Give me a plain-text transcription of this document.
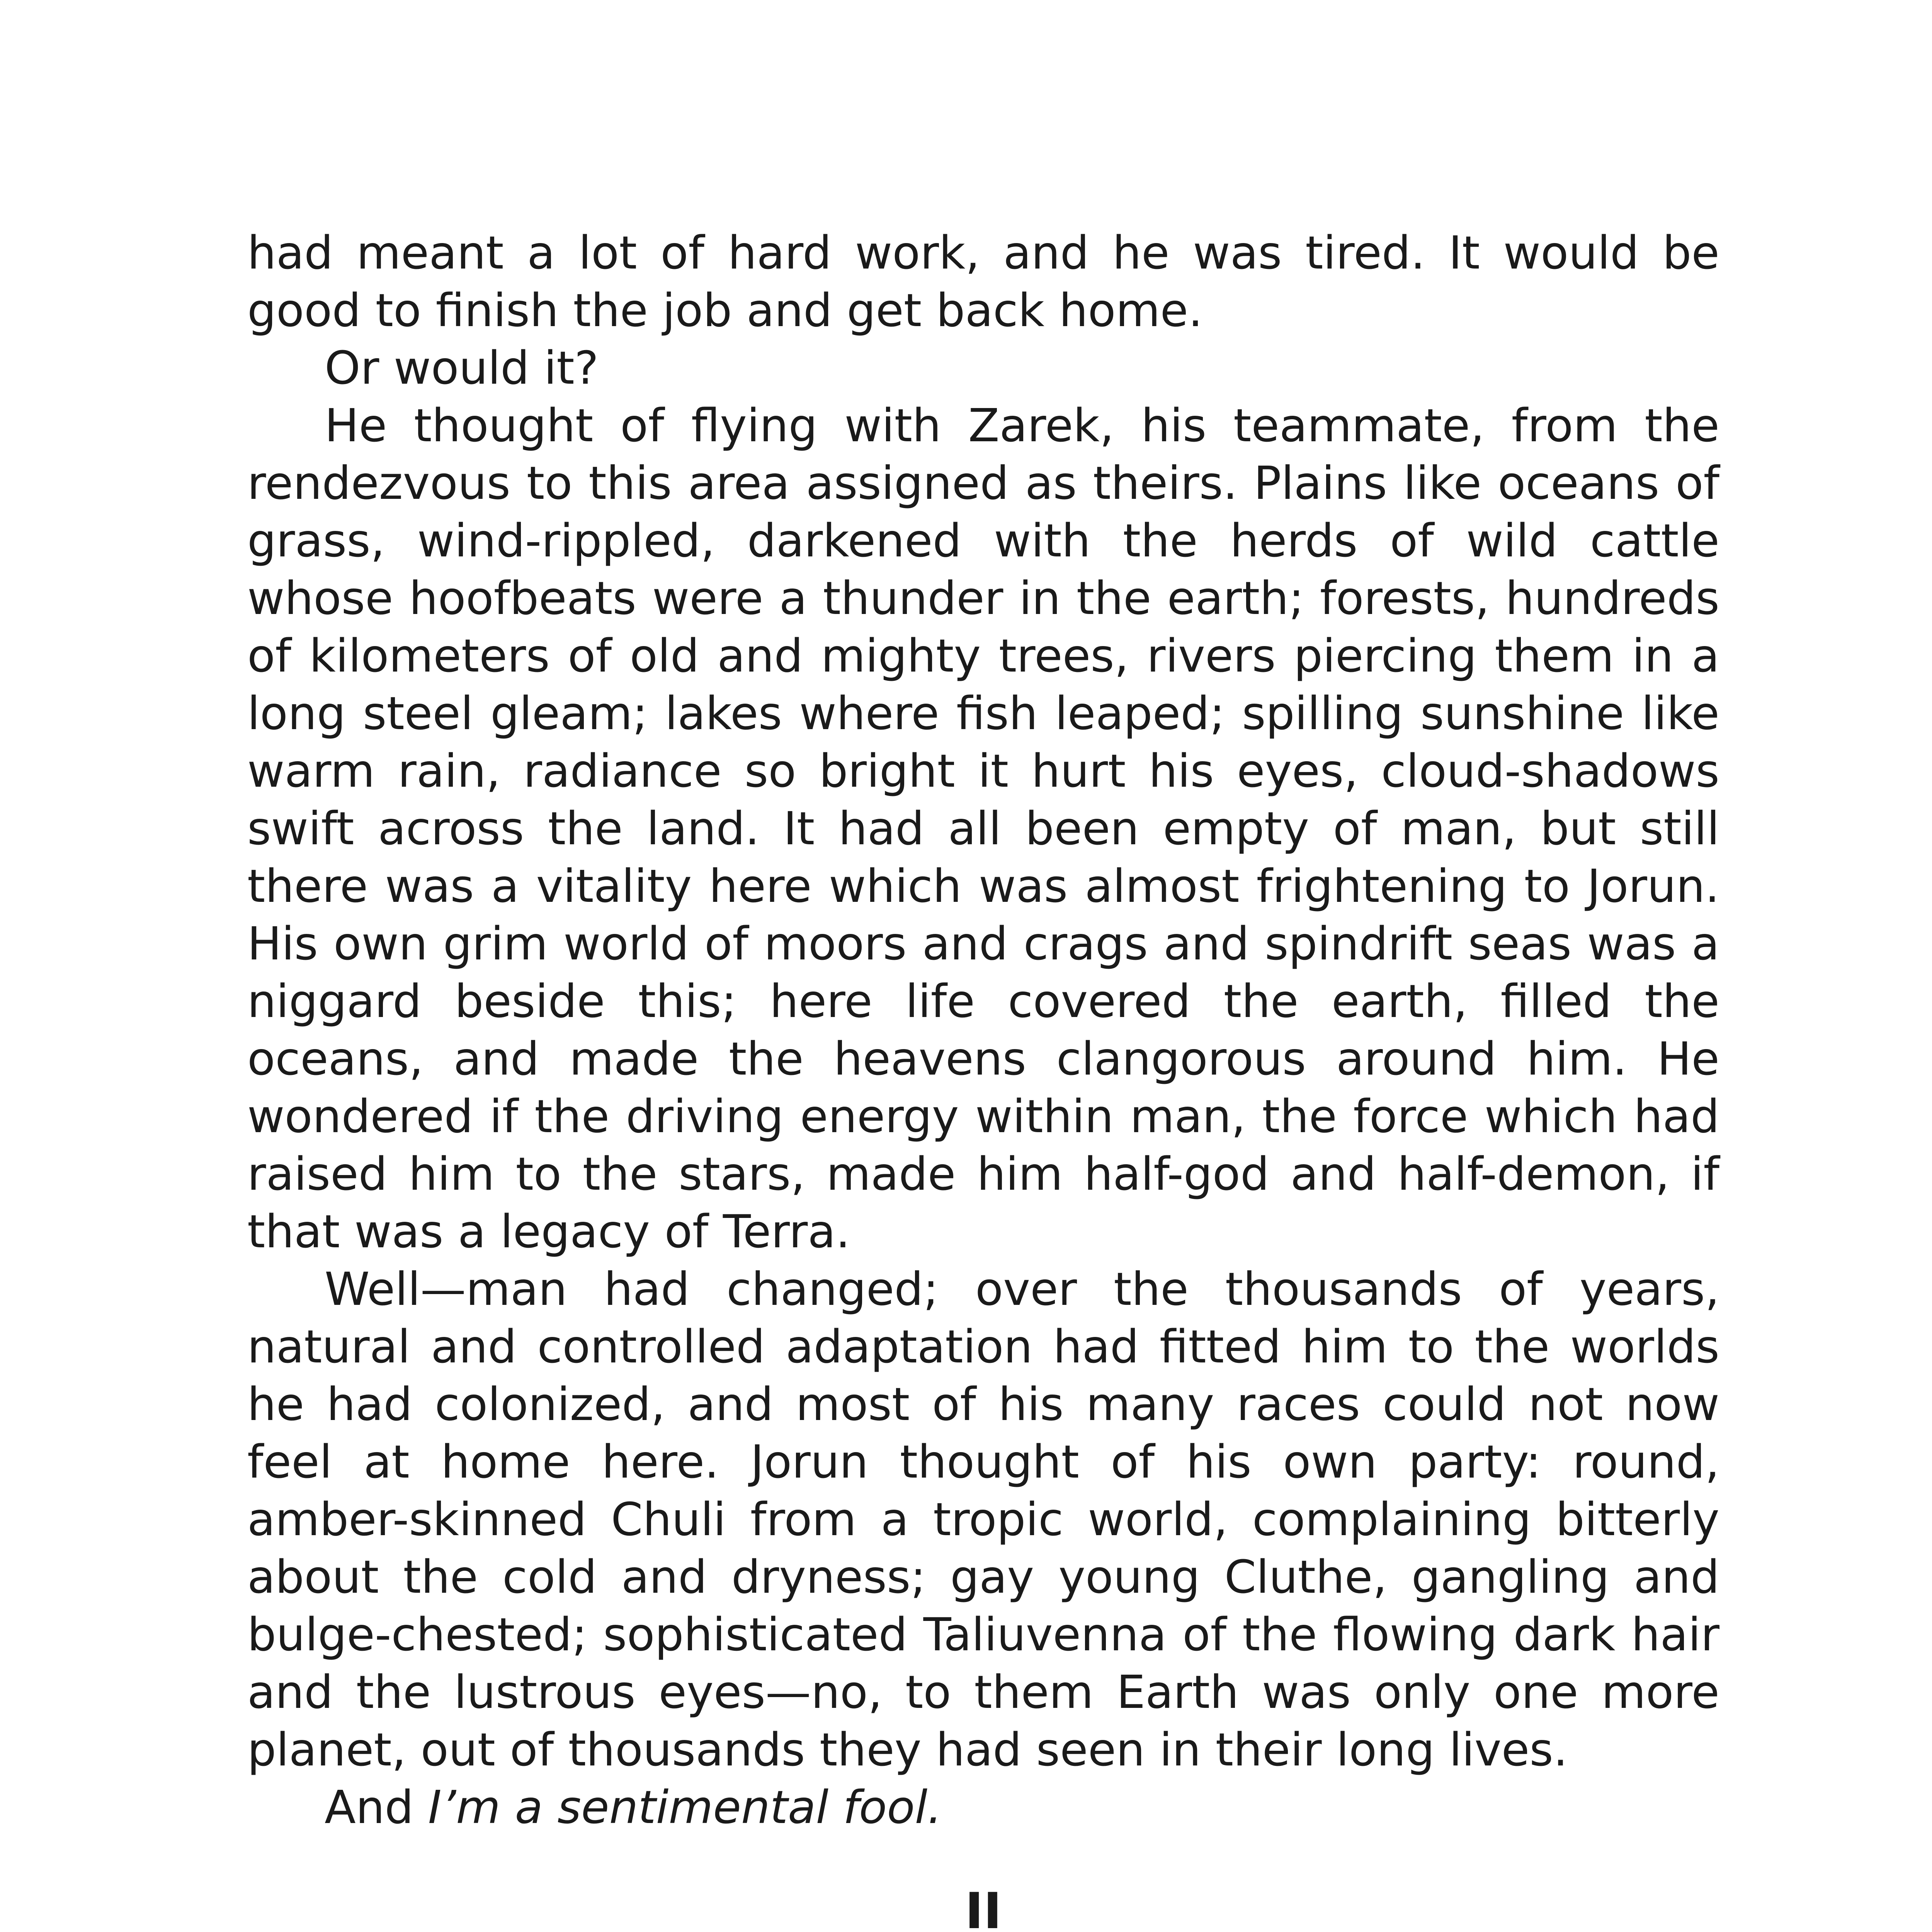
had meant a lot of hard work, and he was tired. It would be good to finish the job and get back home.

Or would it?

He thought of flying with Zarek, his teammate, from the rendezvous to this area assigned as theirs. Plains like oceans of grass, wind-rippled, darkened with the herds of wild cattle whose hoofbeats were a thunder in the earth; forests, hundreds of kilometers of old and mighty trees, rivers piercing them in a long steel gleam; lakes where fish leaped; spilling sunshine like warm rain, radiance so bright it hurt his eyes, cloud-shadows swift across the land. It had all been empty of man, but still there was a vitality here which was almost frightening to Jorun. His own grim world of moors and crags and spindrift seas was a niggard beside this; here life covered the earth, filled the oceans, and made the heavens clangorous around him. He wondered if the driving energy within man, the force which had raised him to the stars, made him half-god and half-demon, if that was a legacy of Terra.

Well—man had changed; over the thousands of years, natural and controlled adaptation had fitted him to the worlds he had colonized, and most of his many races could not now feel at home here. Jorun thought of his own party: round, amber-skinned Chuli from a tropic world, complaining bitterly about the cold and dryness; gay young Cluthe, gangling and bulge-chested; sophisticated Taliuvenna of the flowing dark hair and the lustrous eyes—no, to them Earth was only one more planet, out of thousands they had seen in their long lives.

And I’m a sentimental fool.

II
